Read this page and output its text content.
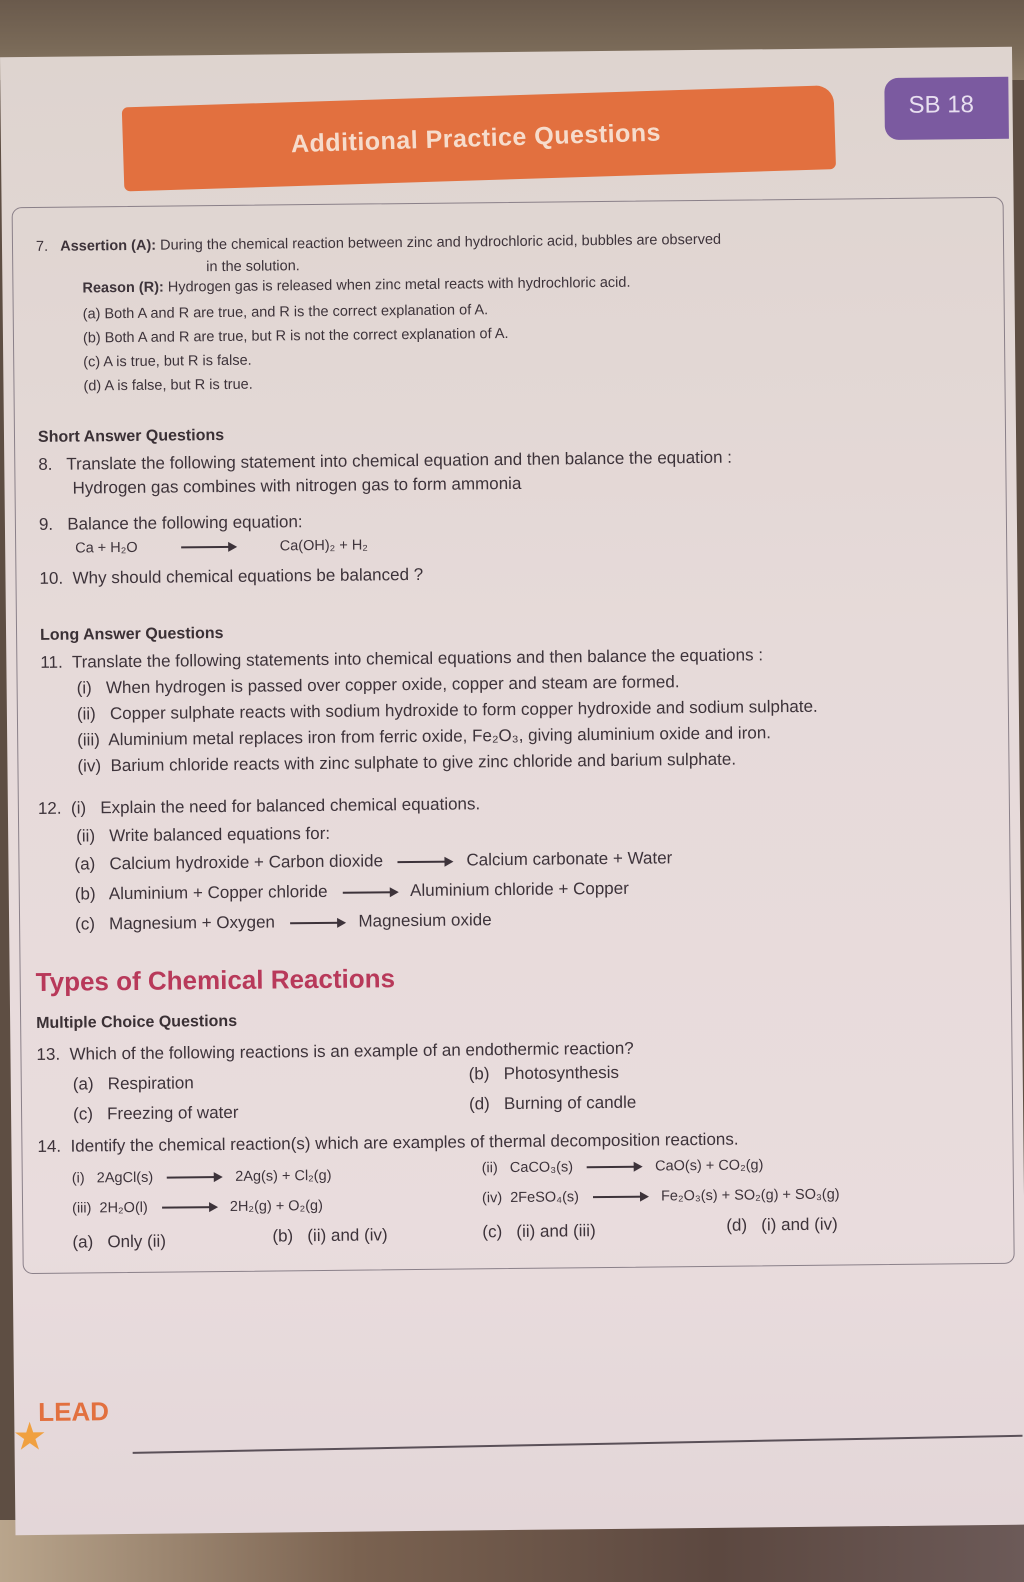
Additional Practice Questions
SB 18
7. Assertion (A): During the chemical reaction between zinc and hydrochloric acid, bubbles are observed
in the solution.
Reason (R): Hydrogen gas is released when zinc metal reacts with hydrochloric acid.
(a) Both A and R are true, and R is the correct explanation of A.
(b) Both A and R are true, but R is not the correct explanation of A.
(c) A is true, but R is false.
(d) A is false, but R is true.
Short Answer Questions
8. Translate the following statement into chemical equation and then balance the equation :
Hydrogen gas combines with nitrogen gas to form ammonia
9. Balance the following equation:
Ca + H₂O	Ca(OH)₂ + H₂
10. Why should chemical equations be balanced ?
Long Answer Questions
11. Translate the following statements into chemical equations and then balance the equations :
(i) When hydrogen is passed over copper oxide, copper and steam are formed.
(ii) Copper sulphate reacts with sodium hydroxide to form copper hydroxide and sodium sulphate.
(iii) Aluminium metal replaces iron from ferric oxide, Fe₂O₃, giving aluminium oxide and iron.
(iv) Barium chloride reacts with zinc sulphate to give zinc chloride and barium sulphate.
12. (i) Explain the need for balanced chemical equations.
(ii) Write balanced equations for:
(a) Calcium hydroxide + Carbon dioxide	Calcium carbonate + Water
(b) Aluminium + Copper chloride	Aluminium chloride + Copper
(c) Magnesium + Oxygen	Magnesium oxide
Types of Chemical Reactions
Multiple Choice Questions
13. Which of the following reactions is an example of an endothermic reaction?
(a) Respiration	(b) Photosynthesis
(c) Freezing of water	(d) Burning of candle
14. Identify the chemical reaction(s) which are examples of thermal decomposition reactions.
(i) 2AgCl(s)	2Ag(s) + Cl₂(g)	(ii) CaCO₃(s)	CaO(s) + CO₂(g)
(iii) 2H₂O(l)	2H₂(g) + O₂(g)	(iv) 2FeSO₄(s)	Fe₂O₃(s) + SO₂(g) + SO₃(g)
(a) Only (ii)	(b) (ii) and (iv)	(c) (ii) and (iii)	(d) (i) and (iv)
★
LEAD
